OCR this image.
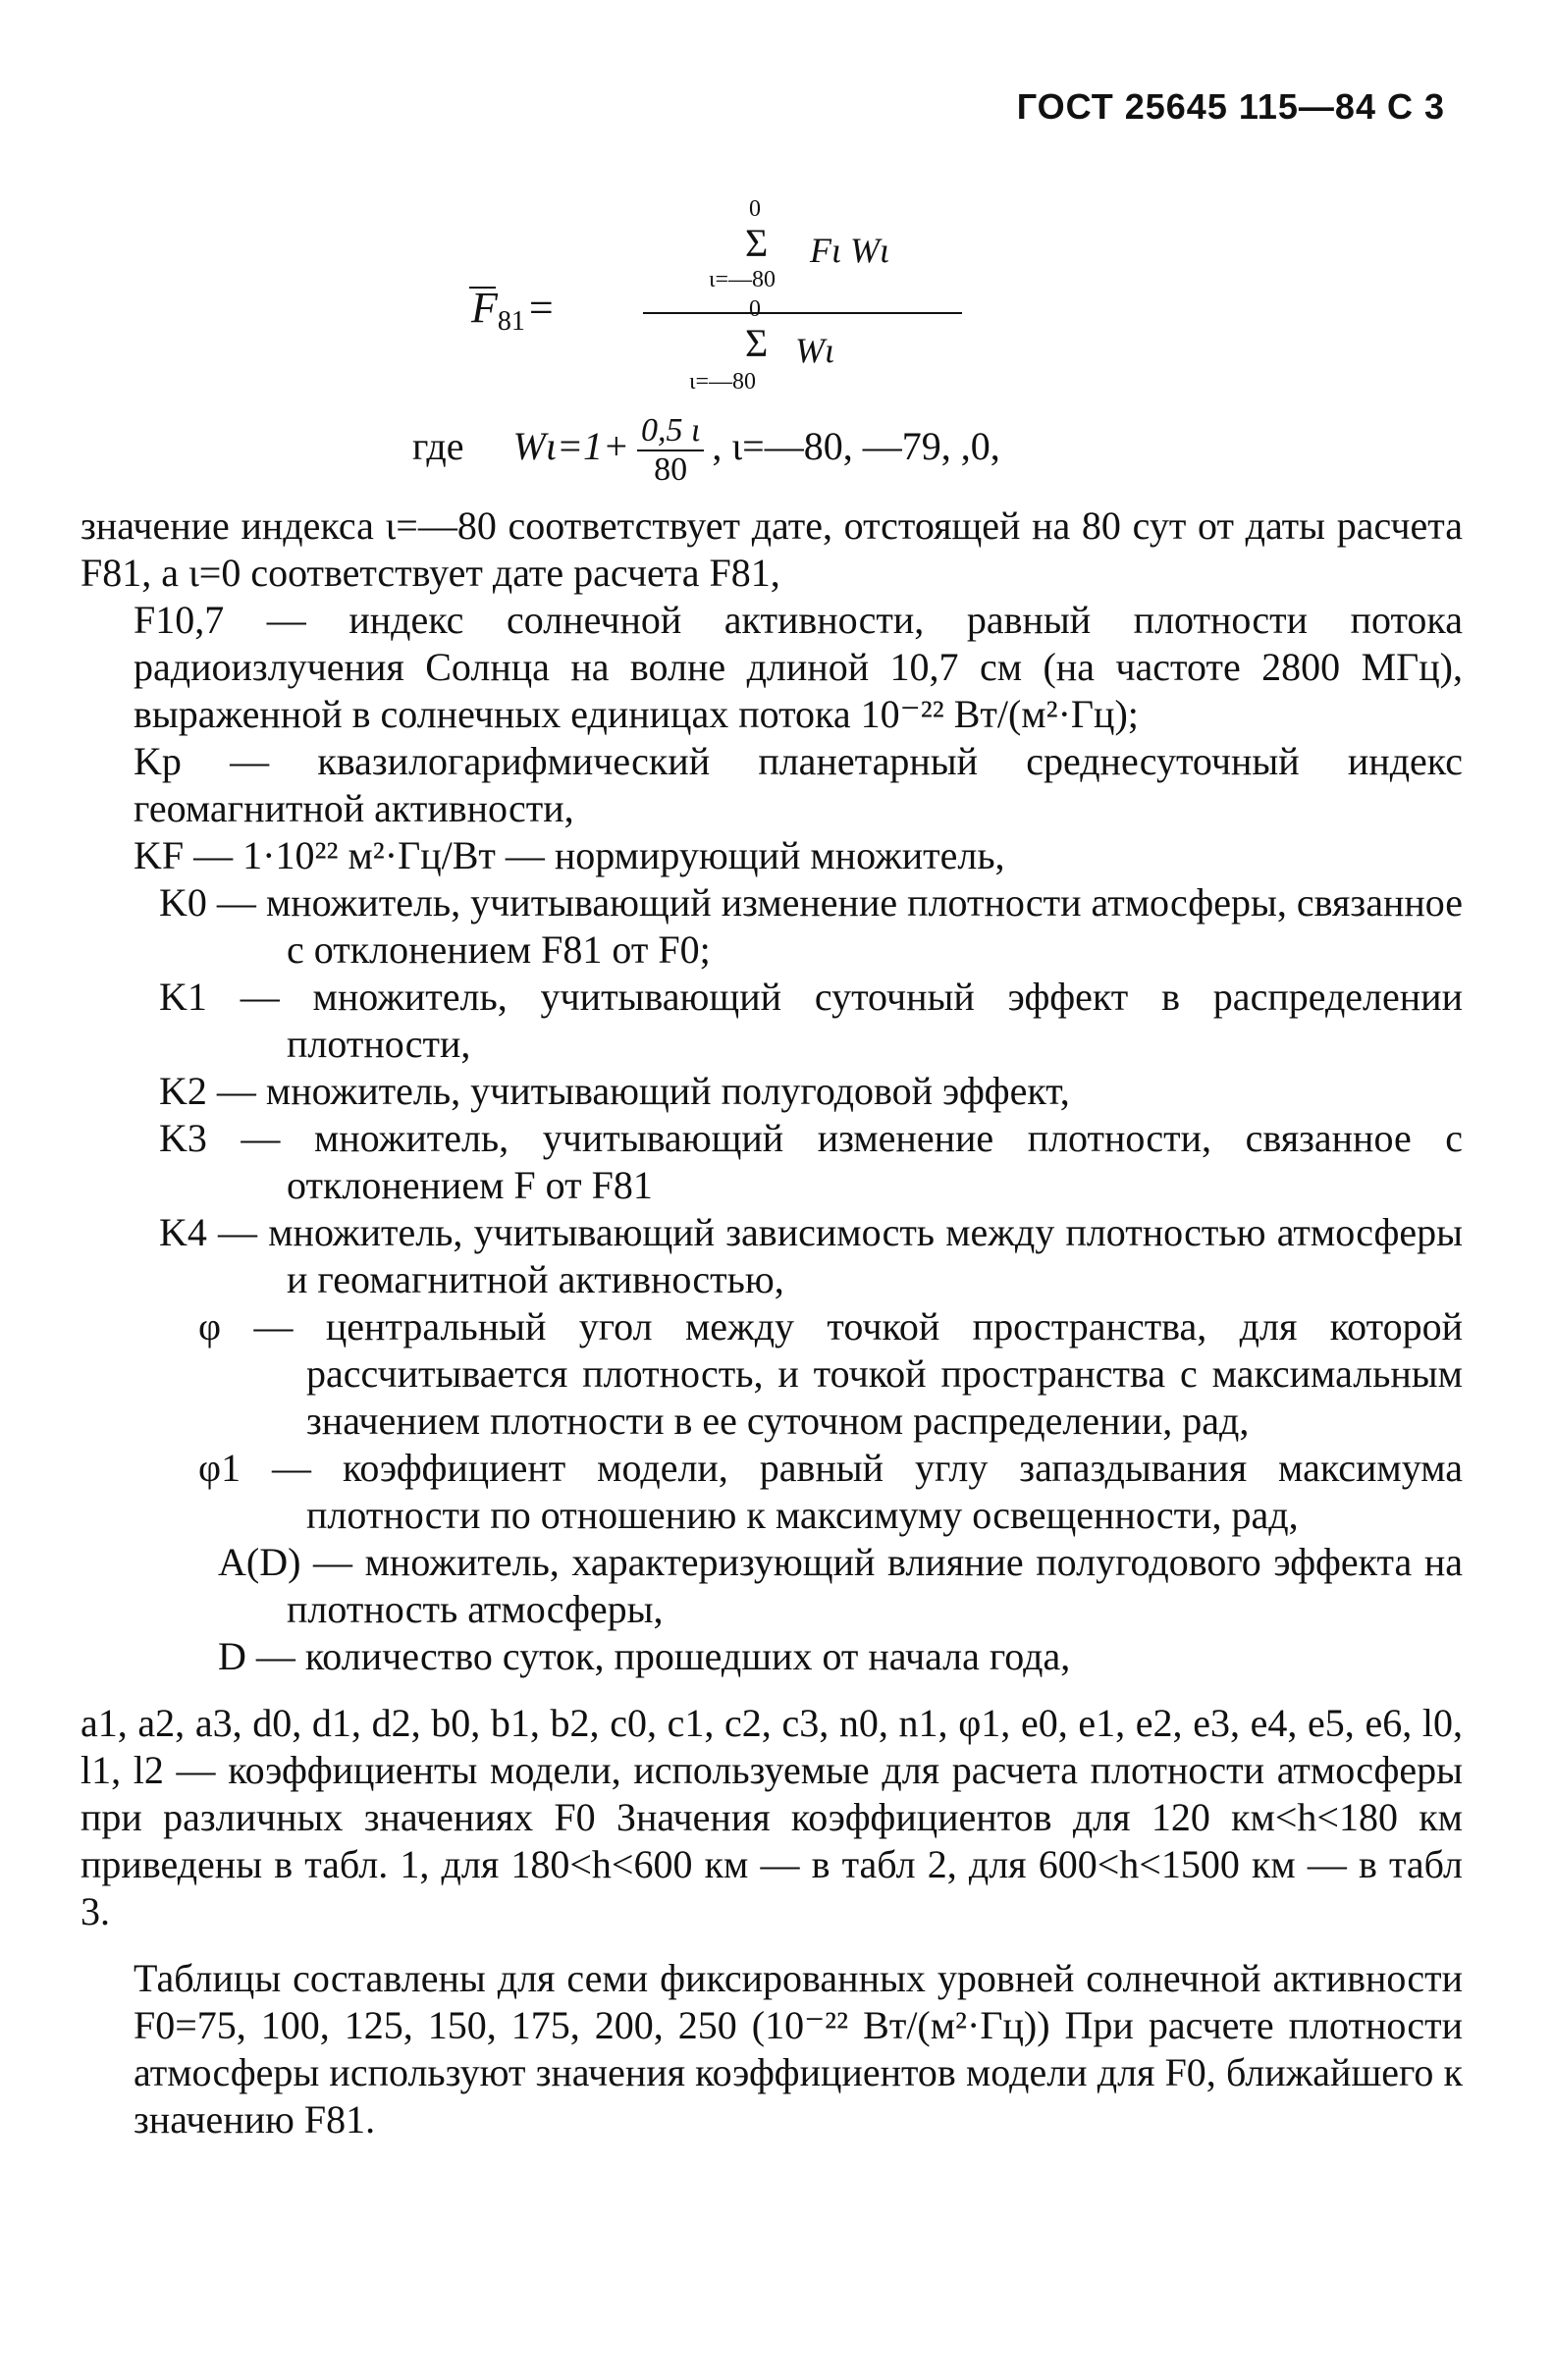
ГОСТ 25645 115—84 С 3
$F_{81}=$
0
Σ Fι Wι
ι=—80
0
Σ Wι
ι=—80
где $W\iota=1+ \frac{0,5 \iota}{80}$ , ι=—80, —79, ,0,

значение индекса ι=—80 соответствует дате, отстоящей на 80 сут от даты расчета F81, а ι=0 соответствует дате расчета F81,

F10,7 — индекс солнечной активности, равный плотности потока радиоизлучения Солнца на волне длиной 10,7 см (на частоте 2800 МГц), выраженной в солнечных единицах потока 10⁻²² Вт/(м²·Гц);

Kp — квазилогарифмический планетарный среднесуточный индекс геомагнитной активности,

KF — 1·10²² м²·Гц/Вт — нормирующий множитель,

K0 — множитель, учитывающий изменение плотности атмосферы, связанное с отклонением F81 от F0;

K1 — множитель, учитывающий суточный эффект в распределении плотности,

K2 — множитель, учитывающий полугодовой эффект,

K3 — множитель, учитывающий изменение плотности, связанное с отклонением F от F81

K4 — множитель, учитывающий зависимость между плотностью атмосферы и геомагнитной активностью,

φ — центральный угол между точкой пространства, для которой рассчитывается плотность, и точкой пространства с максимальным значением плотности в ее суточном распределении, рад,

φ1 — коэффициент модели, равный углу запаздывания максимума плотности по отношению к максимуму освещенности, рад,

A(D) — множитель, характеризующий влияние полугодового эффекта на плотность атмосферы,

D — количество суток, прошедших от начала года,

a1, a2, a3, d0, d1, d2, b0, b1, b2, c0, c1, c2, c3, n0, n1, φ1, e0, e1, e2, e3, e4, e5, e6, l0, l1, l2 — коэффициенты модели, используемые для расчета плотности атмосферы при различных значениях F0 Значения коэффициентов для 120 км<h<180 км приведены в табл. 1, для 180<h<600 км — в табл 2, для 600<h<1500 км — в табл 3.

Таблицы составлены для семи фиксированных уровней солнечной активности F0=75, 100, 125, 150, 175, 200, 250 (10⁻²² Вт/(м²·Гц)) При расчете плотности атмосферы используют значения коэффициентов модели для F0, ближайшего к значению F81.
